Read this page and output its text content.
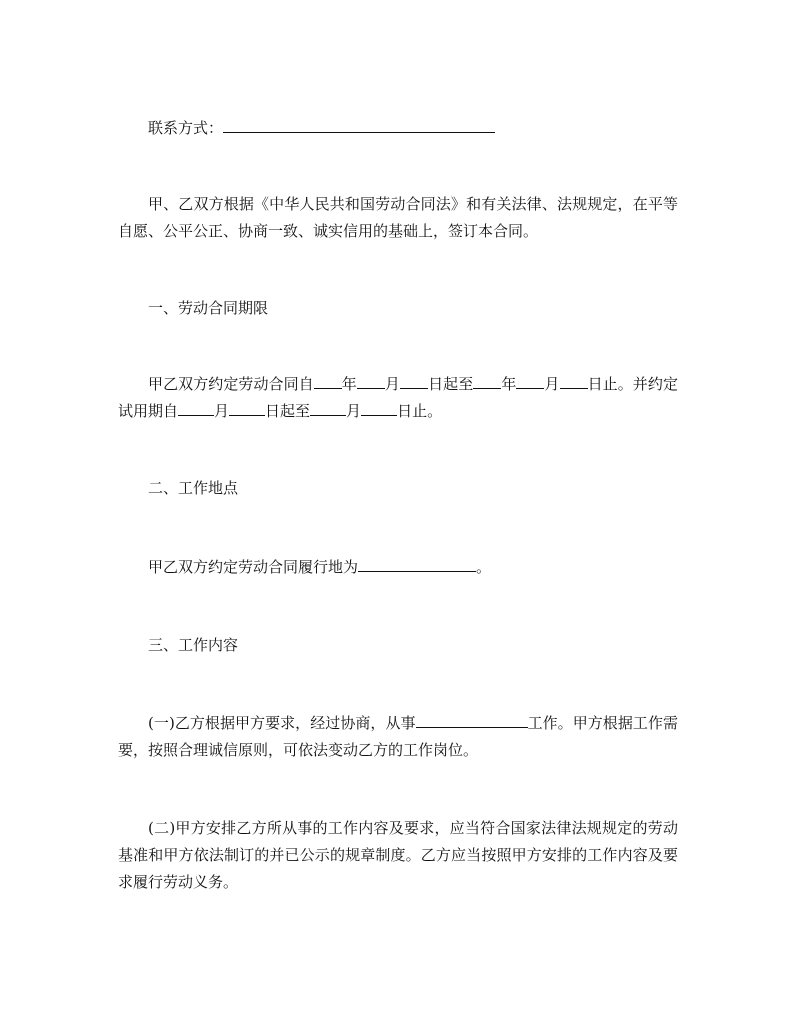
联系方式：
甲、乙双方根据《中华人民共和国劳动合同法》和有关法律、法规规定，在平等自愿、公平公正、协商一致、诚实信用的基础上，签订本合同。
一、劳动合同期限
甲乙双方约定劳动合同自 年 月 日起至 年 月 日止。并约定试用期自 月 日起至 月 日止。
二、工作地点
甲乙双方约定劳动合同履行地为	。
三、工作内容
(一)乙方根据甲方要求，经过协商，从事	工作。甲方根据工作需要，按照合理诚信原则，可依法变动乙方的工作岗位。
(二)甲方安排乙方所从事的工作内容及要求，应当符合国家法律法规规定的劳动基准和甲方依法制订的并已公示的规章制度。乙方应当按照甲方安排的工作内容及要求履行劳动义务。
